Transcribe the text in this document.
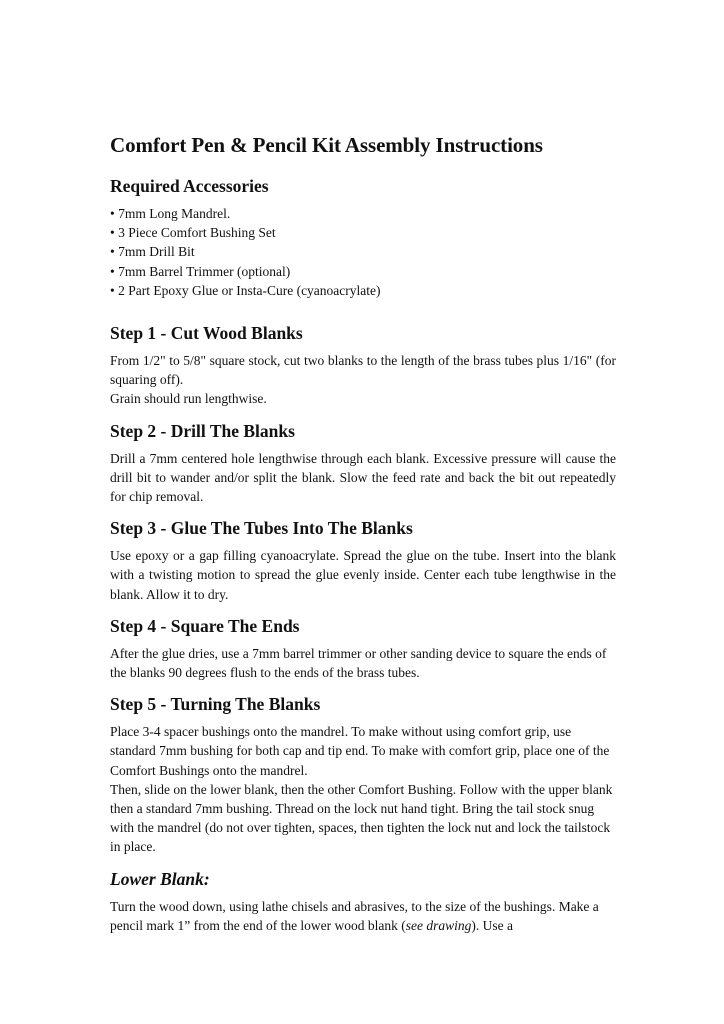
Comfort Pen & Pencil Kit Assembly Instructions
Required Accessories
• 7mm Long Mandrel.
• 3 Piece Comfort Bushing Set
• 7mm Drill Bit
• 7mm Barrel Trimmer (optional)
• 2 Part Epoxy Glue or Insta-Cure (cyanoacrylate)
Step 1 - Cut Wood Blanks

From 1/2" to 5/8" square stock, cut two blanks to the length of the brass tubes plus 1/16" (for squaring off).

Grain should run lengthwise.

Step 2 - Drill The Blanks

Drill a 7mm centered hole lengthwise through each blank. Excessive pressure will cause the drill bit to wander and/or split the blank. Slow the feed rate and back the bit out repeatedly for chip removal.

Step 3 - Glue The Tubes Into The Blanks

Use epoxy or a gap filling cyanoacrylate. Spread the glue on the tube. Insert into the blank with a twisting motion to spread the glue evenly inside. Center each tube lengthwise in the blank. Allow it to dry.

Step 4 - Square The Ends

After the glue dries, use a 7mm barrel trimmer or other sanding device to square the ends of the blanks 90 degrees flush to the ends of the brass tubes.

Step 5 - Turning The Blanks

Place 3-4 spacer bushings onto the mandrel. To make without using comfort grip, use standard 7mm bushing for both cap and tip end. To make with comfort grip, place one of the Comfort Bushings onto the mandrel.

Then, slide on the lower blank, then the other Comfort Bushing. Follow with the upper blank then a standard 7mm bushing. Thread on the lock nut hand tight. Bring the tail stock snug with the mandrel (do not over tighten, spaces, then tighten the lock nut and lock the tailstock in place.

Lower Blank:

Turn the wood down, using lathe chisels and abrasives, to the size of the bushings. Make a pencil mark 1” from the end of the lower wood blank (see drawing). Use a
